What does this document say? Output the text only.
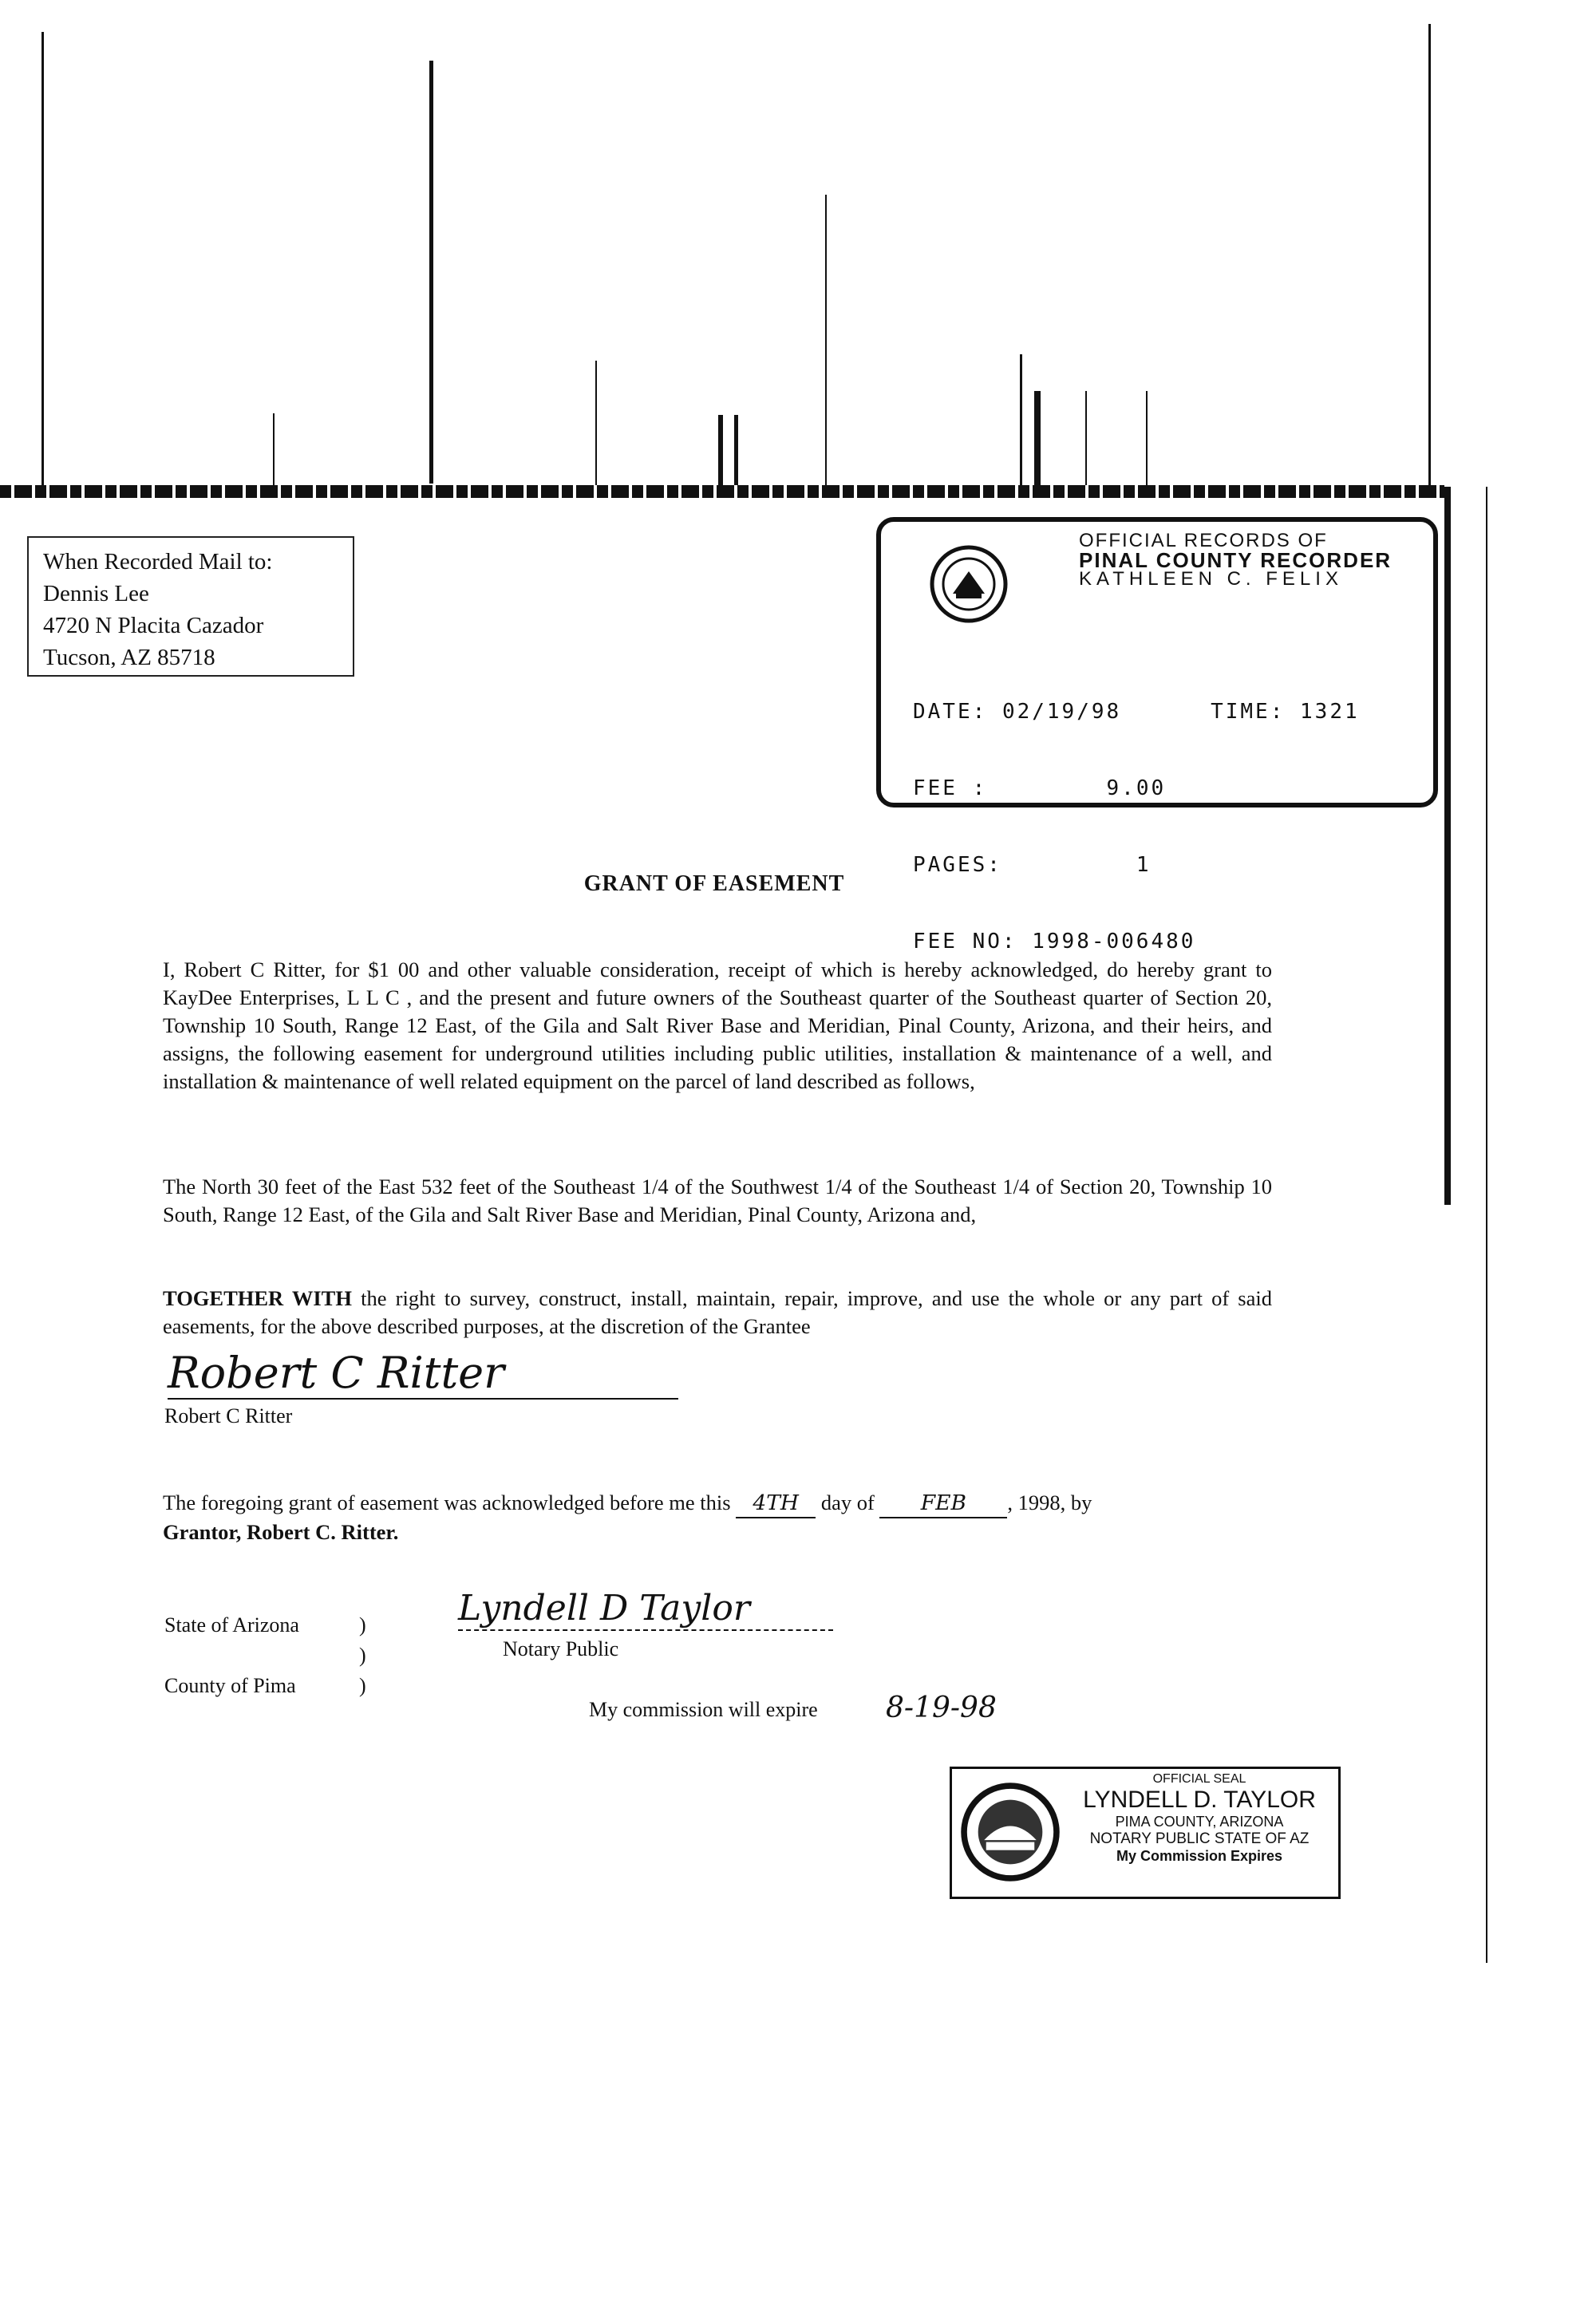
When Recorded Mail to:
Dennis Lee
4720 N Placita Cazador
Tucson, AZ 85718
OFFICIAL RECORDS OF
PINAL COUNTY RECORDER
KATHLEEN C. FELIX

DATE: 02/19/98	TIME: 1321

FEE :	9.00

PAGES:	1

FEE NO: 1998-006480

GRANT OF EASEMENT
I, Robert C Ritter, for $1 00 and other valuable consideration, receipt of which is hereby acknowledged, do hereby grant to KayDee Enterprises, L L C , and the present and future owners of the Southeast quarter of the Southeast quarter of Section 20, Township 10 South, Range 12 East, of the Gila and Salt River Base and Meridian, Pinal County, Arizona, and their heirs, and assigns, the following easement for underground utilities including public utilities, installation & maintenance of a well, and installation & maintenance of well related equipment on the parcel of land described as follows,
The North 30 feet of the East 532 feet of the Southeast 1/4 of the Southwest 1/4 of the Southeast 1/4 of Section 20, Township 10 South, Range 12 East, of the Gila and Salt River Base and Meridian, Pinal County, Arizona and,
TOGETHER WITH the right to survey, construct, install, maintain, repair, improve, and use the whole or any part of said easements, for the above described purposes, at the discretion of the Grantee
Robert C Ritter
Robert C Ritter
The foregoing grant of easement was acknowledged before me this 4TH day of FEB , 1998, by
Grantor, Robert C. Ritter.
State of Arizona
County of Pima
)
)
)
Lyndell D Taylor
Notary Public
My commission will expire 8-19-98
OFFICIAL SEAL
LYNDELL D. TAYLOR
PIMA COUNTY, ARIZONA
NOTARY PUBLIC STATE OF AZ
My Commission Expires
